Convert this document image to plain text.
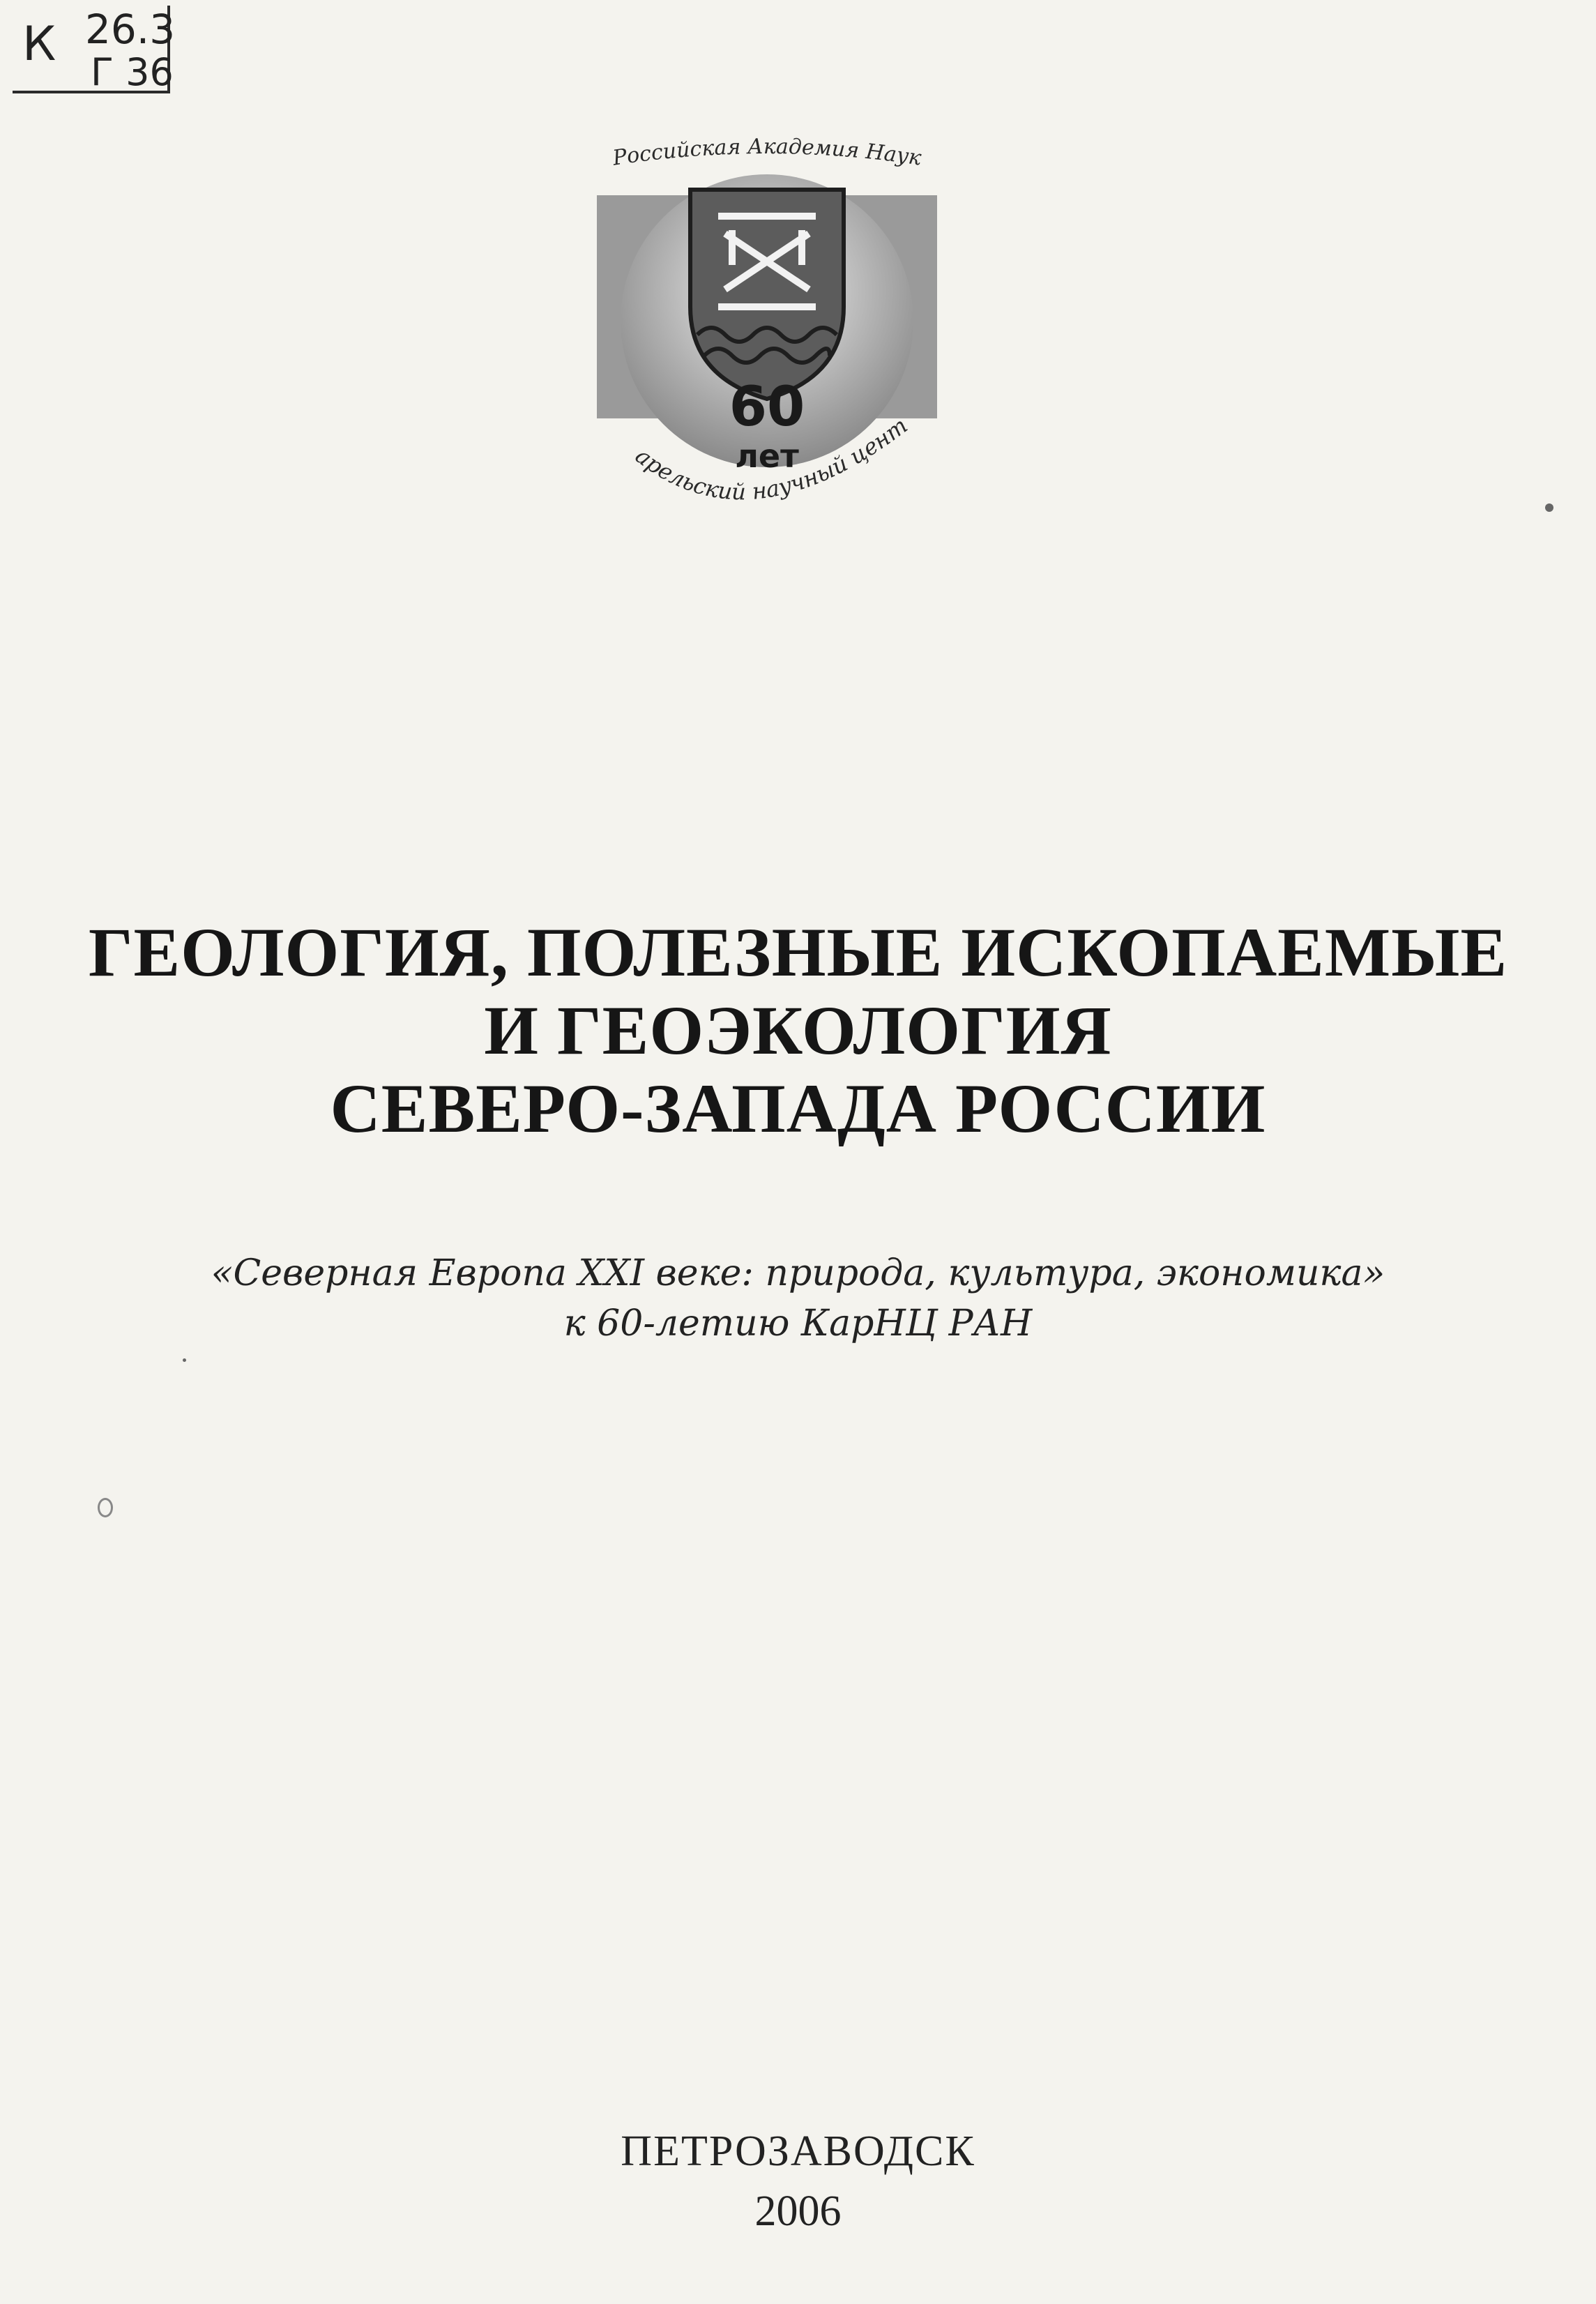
К 26.3
Г 36
Российская Академия Наук
60
лет
арельский научный цент
ГЕОЛОГИЯ, ПОЛЕЗНЫЕ ИСКОПАЕМЫЕ
И ГЕОЭКОЛОГИЯ
СЕВЕРО-ЗАПАДА РОССИИ
«Северная Европа XXI веке: природа, культура, экономика»
к 60-летию КарНЦ РАН
ПЕТРОЗАВОДСК
2006
